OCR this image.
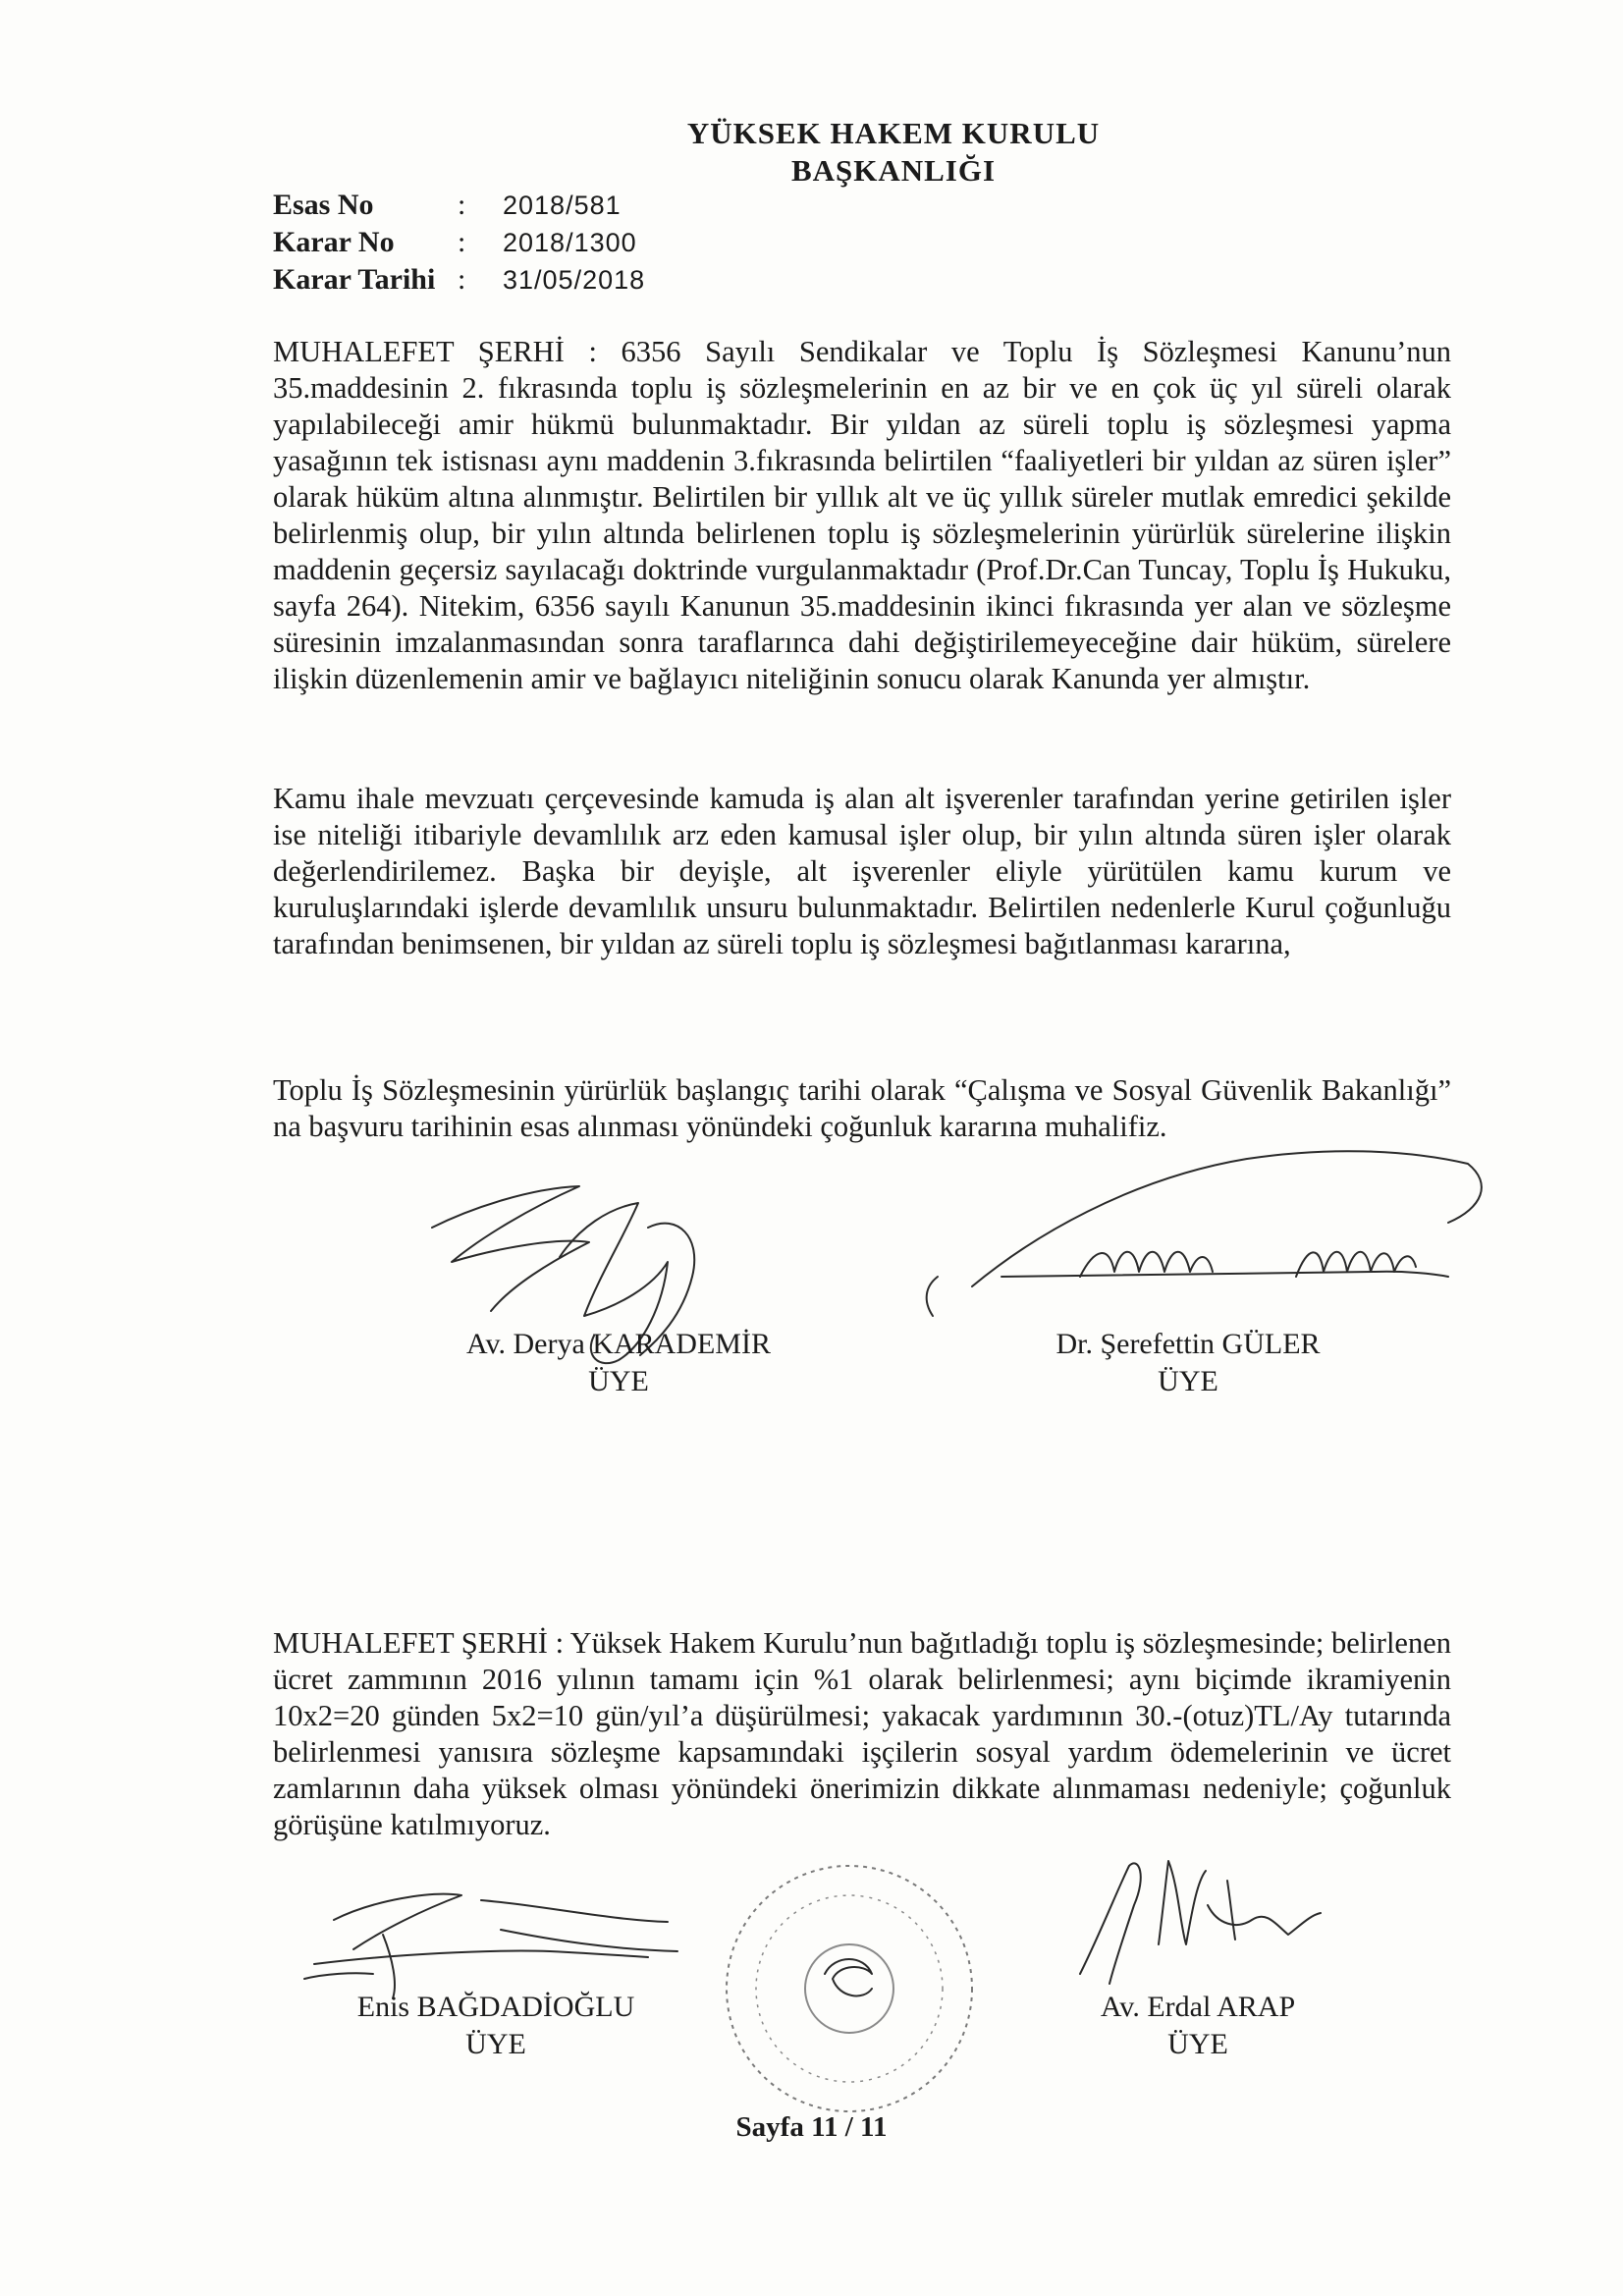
YÜKSEK HAKEM KURULU
BAŞKANLIĞI
Esas No	:	2018/581
Karar No	:	2018/1300
Karar Tarihi :	31/05/2018
MUHALEFET ŞERHİ : 6356 Sayılı Sendikalar ve Toplu İş Sözleşmesi Kanunu’nun 35.maddesinin 2. fıkrasında toplu iş sözleşmelerinin en az bir ve en çok üç yıl süreli olarak yapılabileceği amir hükmü bulunmaktadır. Bir yıldan az süreli toplu iş sözleşmesi yapma yasağının tek istisnası aynı maddenin 3.fıkrasında belirtilen “faaliyetleri bir yıldan az süren işler” olarak hüküm altına alınmıştır. Belirtilen bir yıllık alt ve üç yıllık süreler mutlak emredici şekilde belirlenmiş olup, bir yılın altında belirlenen toplu iş sözleşmelerinin yürürlük sürelerine ilişkin maddenin geçersiz sayılacağı doktrinde vurgulanmaktadır (Prof.Dr.Can Tuncay, Toplu İş Hukuku, sayfa 264). Nitekim, 6356 sayılı Kanunun 35.maddesinin ikinci fıkrasında yer alan ve sözleşme süresinin imzalanmasından sonra taraflarınca dahi değiştirilemeyeceğine dair hüküm, sürelere ilişkin düzenlemenin amir ve bağlayıcı niteliğinin sonucu olarak Kanunda yer almıştır.
Kamu ihale mevzuatı çerçevesinde kamuda iş alan alt işverenler tarafından yerine getirilen işler ise niteliği itibariyle devamlılık arz eden kamusal işler olup, bir yılın altında süren işler olarak değerlendirilemez. Başka bir deyişle, alt işverenler eliyle yürütülen kamu kurum ve kuruluşlarındaki işlerde devamlılık unsuru bulunmaktadır. Belirtilen nedenlerle Kurul çoğunluğu tarafından benimsenen, bir yıldan az süreli toplu iş sözleşmesi bağıtlanması kararına,
Toplu İş Sözleşmesinin yürürlük başlangıç tarihi olarak “Çalışma ve Sosyal Güvenlik Bakanlığı” na başvuru tarihinin esas alınması yönündeki çoğunluk kararına muhalifiz.
Av. Derya KARADEMİR
ÜYE
Dr. Şerefettin GÜLER
ÜYE
MUHALEFET ŞERHİ : Yüksek Hakem Kurulu’nun bağıtladığı toplu iş sözleşmesinde; belirlenen ücret zammının 2016 yılının tamamı için %1 olarak belirlenmesi; aynı biçimde ikramiyenin 10x2=20 günden 5x2=10 gün/yıl’a düşürülmesi; yakacak yardımının 30.-(otuz)TL/Ay tutarında belirlenmesi yanısıra sözleşme kapsamındaki işçilerin sosyal yardım ödemelerinin ve ücret zamlarının daha yüksek olması yönündeki önerimizin dikkate alınmaması nedeniyle; çoğunluk görüşüne katılmıyoruz.
Enis BAĞDADİOĞLU
ÜYE
Av. Erdal ARAP
ÜYE
Sayfa 11 / 11
